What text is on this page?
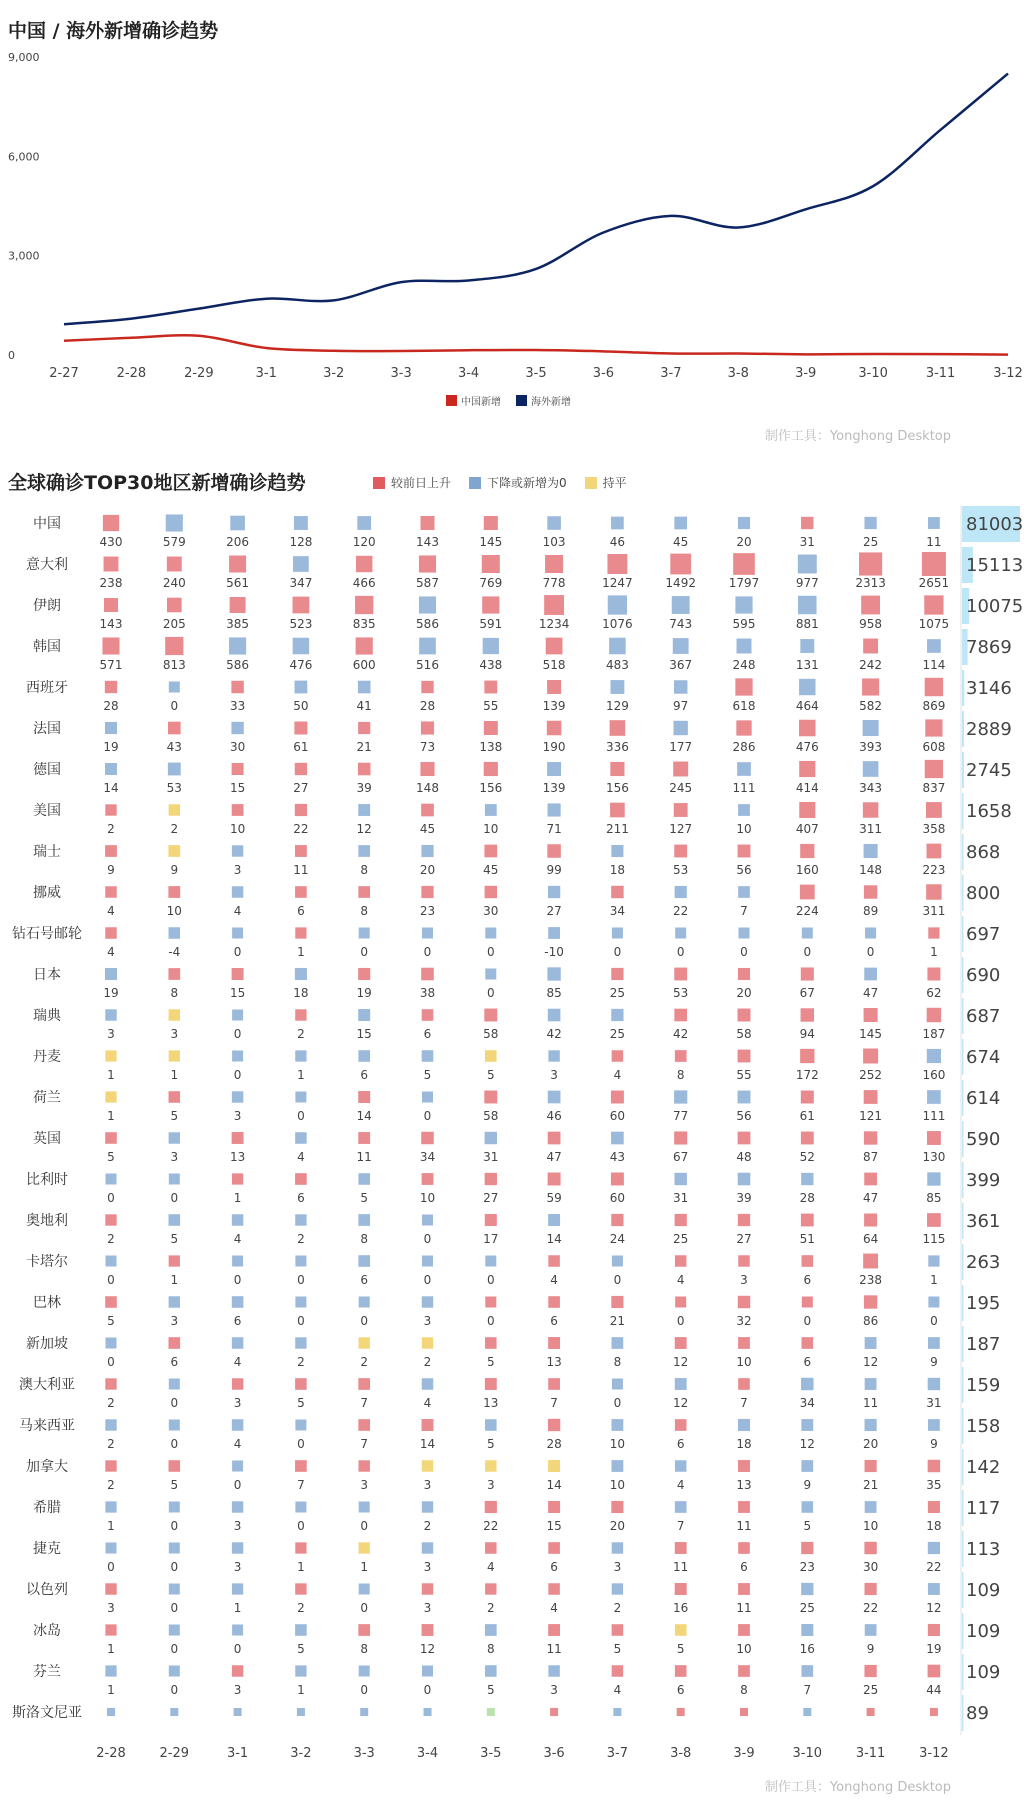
中国 / 海外新增确诊趋势
0
3,000
6,000
9,000
2-27	2-28	2-29	3-1	3-2	3-3	3-4	3-5	3-6	3-7	3-8	3-9	3-10	3-11	3-12
中国新增	海外新增
制作工具：Yonghong Desktop
全球确诊TOP30地区新增确诊趋势	较前日上升	下降或新增为0	持平
中国
430	579	206	128	120	143	145	103	46	45	20	31	25	11
81003
意大利
238	240	561	347	466	587	769	778	1247	1492	1797	977	2313	2651
15113
伊朗
143	205	385	523	835	586	591	1234	1076	743	595	881	958	1075
10075
韩国
571	813	586	476	600	516	438	518	483	367	248	131	242	114
7869
西班牙
28	0	33	50	41	28	55	139	129	97	618	464	582	869
3146
法国
19	43	30	61	21	73	138	190	336	177	286	476	393	608
2889
德国
14	53	15	27	39	148	156	139	156	245	111	414	343	837
2745
美国
2	2	10	22	12	45	10	71	211	127	10	407	311	358
1658
瑞士
9	9	3	11	8	20	45	99	18	53	56	160	148	223
868
挪威
4	10	4	6	8	23	30	27	34	22	7	224	89	311
800
钻石号邮轮
4	-4	0	1	0	0	0	-10	0	0	0	0	0	1
697
日本
19	8	15	18	19	38	0	85	25	53	20	67	47	62
690
瑞典
3	3	0	2	15	6	58	42	25	42	58	94	145	187
687
丹麦
1	1	0	1	6	5	5	3	4	8	55	172	252	160
674
荷兰
1	5	3	0	14	0	58	46	60	77	56	61	121	111
614
英国
5	3	13	4	11	34	31	47	43	67	48	52	87	130
590
比利时
0	0	1	6	5	10	27	59	60	31	39	28	47	85
399
奥地利
2	5	4	2	8	0	17	14	24	25	27	51	64	115
361
卡塔尔
0	1	0	0	6	0	0	4	0	4	3	6	238	1
263
巴林
5	3	6	0	0	3	0	6	21	0	32	0	86	0
195
新加坡
0	6	4	2	2	2	5	13	8	12	10	6	12	9
187
澳大利亚
2	0	3	5	7	4	13	7	0	12	7	34	11	31
159
马来西亚
2	0	4	0	7	14	5	28	10	6	18	12	20	9
158
加拿大
2	5	0	7	3	3	3	14	10	4	13	9	21	35
142
希腊
1	0	3	0	0	2	22	15	20	7	11	5	10	18
117
捷克
0	0	3	1	1	3	4	6	3	11	6	23	30	22
113
以色列
3	0	1	2	0	3	2	4	2	16	11	25	22	12
109
冰岛
1	0	0	5	8	12	8	11	5	5	10	16	9	19
109
芬兰
1	0	3	1	0	0	5	3	4	6	8	7	25	44
109
斯洛文尼亚	89
2-28	2-29	3-1	3-2	3-3	3-4	3-5	3-6	3-7	3-8	3-9	3-10	3-11	3-12
制作工具：Yonghong Desktop
